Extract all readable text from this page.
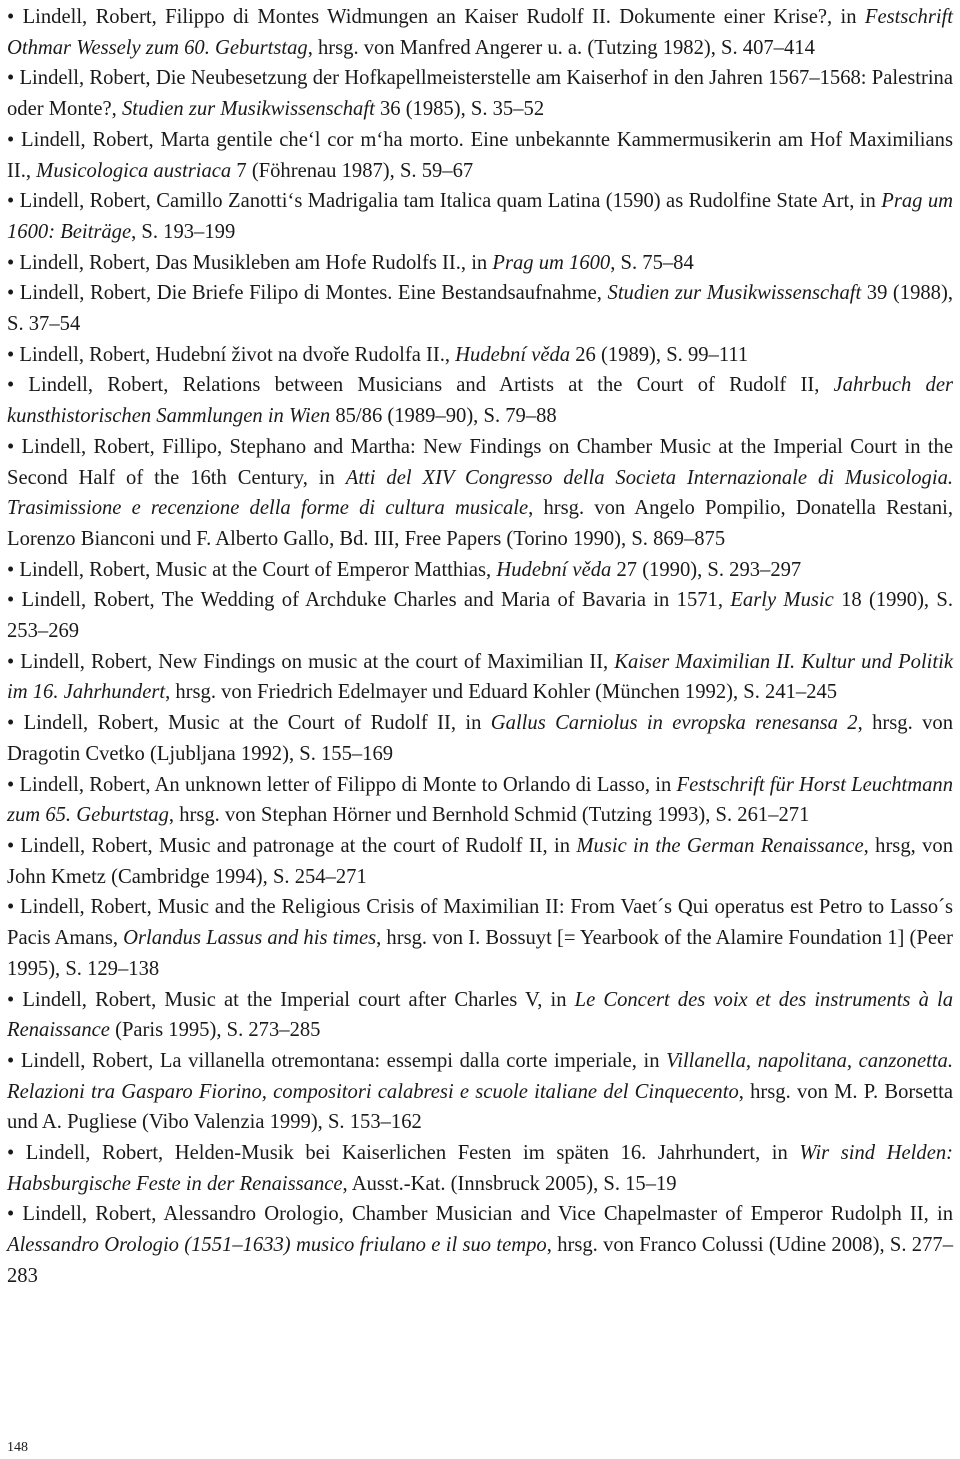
• Lindell, Robert, Filippo di Montes Widmungen an Kaiser Rudolf II. Dokumente einer Krise?, in Festschrift Othmar Wessely zum 60. Geburtstag, hrsg. von Manfred Angerer u. a. (Tutzing 1982), S. 407–414

• Lindell, Robert, Die Neubesetzung der Hofkapellmeisterstelle am Kaiserhof in den Jahren 1567–1568: Palestrina oder Monte?, Studien zur Musikwissenschaft 36 (1985), S. 35–52

• Lindell, Robert, Marta gentile che‘l cor m‘ha morto. Eine unbekannte Kammermusikerin am Hof Maximilians II., Musicologica austriaca 7 (Föhrenau 1987), S. 59–67

• Lindell, Robert, Camillo Zanotti‘s Madrigalia tam Italica quam Latina (1590) as Rudolfine State Art, in Prag um 1600: Beiträge, S. 193–199

• Lindell, Robert, Das Musikleben am Hofe Rudolfs II., in Prag um 1600, S. 75–84

• Lindell, Robert, Die Briefe Filipo di Montes. Eine Bestandsaufnahme, Studien zur Musikwissenschaft 39 (1988), S. 37–54

• Lindell, Robert, Hudební život na dvoře Rudolfa II., Hudební věda 26 (1989), S. 99–111

• Lindell, Robert, Relations between Musicians and Artists at the Court of Rudolf II, Jahrbuch der kunsthistorischen Sammlungen in Wien 85/86 (1989–90), S. 79–88

• Lindell, Robert, Fillipo, Stephano and Martha: New Findings on Chamber Music at the Imperial Court in the Second Half of the 16th Century, in Atti del XIV Congresso della Societa Internazionale di Musicologia. Trasimissione e recenzione della forme di cultura musicale, hrsg. von Angelo Pompilio, Donatella Restani, Lorenzo Bianconi und F. Alberto Gallo, Bd. III, Free Papers (Torino 1990), S. 869–875

• Lindell, Robert, Music at the Court of Emperor Matthias, Hudební věda 27 (1990), S. 293–297

• Lindell, Robert, The Wedding of Archduke Charles and Maria of Bavaria in 1571, Early Music 18 (1990), S. 253–269

• Lindell, Robert, New Findings on music at the court of Maximilian II, Kaiser Maximilian II. Kultur und Politik im 16. Jahrhundert, hrsg. von Friedrich Edelmayer und Eduard Kohler (München 1992), S. 241–245

• Lindell, Robert, Music at the Court of Rudolf II, in Gallus Carniolus in evropska renesansa 2, hrsg. von Dragotin Cvetko (Ljubljana 1992), S. 155–169

• Lindell, Robert, An unknown letter of Filippo di Monte to Orlando di Lasso, in Festschrift für Horst Leuchtmann zum 65. Geburtstag, hrsg. von Stephan Hörner und Bernhold Schmid (Tutzing 1993), S. 261–271

• Lindell, Robert, Music and patronage at the court of Rudolf II, in Music in the German Renaissance, hrsg, von John Kmetz (Cambridge 1994), S. 254–271

• Lindell, Robert, Music and the Religious Crisis of Maximilian II: From Vaet´s Qui operatus est Petro to Lasso´s Pacis Amans, Orlandus Lassus and his times, hrsg. von I. Bossuyt [= Yearbook of the Alamire Foundation 1] (Peer 1995), S. 129–138

• Lindell, Robert, Music at the Imperial court after Charles V, in Le Concert des voix et des instruments à la Renaissance (Paris 1995), S. 273–285

• Lindell, Robert, La villanella otremontana: essempi dalla corte imperiale, in Villanella, napolitana, canzonetta. Relazioni tra Gasparo Fiorino, compositori calabresi e scuole italiane del Cinquecento, hrsg. von M. P. Borsetta und A. Pugliese (Vibo Valenzia 1999), S. 153–162

• Lindell, Robert, Helden-Musik bei Kaiserlichen Festen im späten 16. Jahrhundert, in Wir sind Helden: Habsburgische Feste in der Renaissance, Ausst.-Kat. (Innsbruck 2005), S. 15–19

• Lindell, Robert, Alessandro Orologio, Chamber Musician and Vice Chapelmaster of Emperor Rudolph II, in Alessandro Orologio (1551–1633) musico friulano e il suo tempo, hrsg. von Franco Colussi (Udine 2008), S. 277–283

148
